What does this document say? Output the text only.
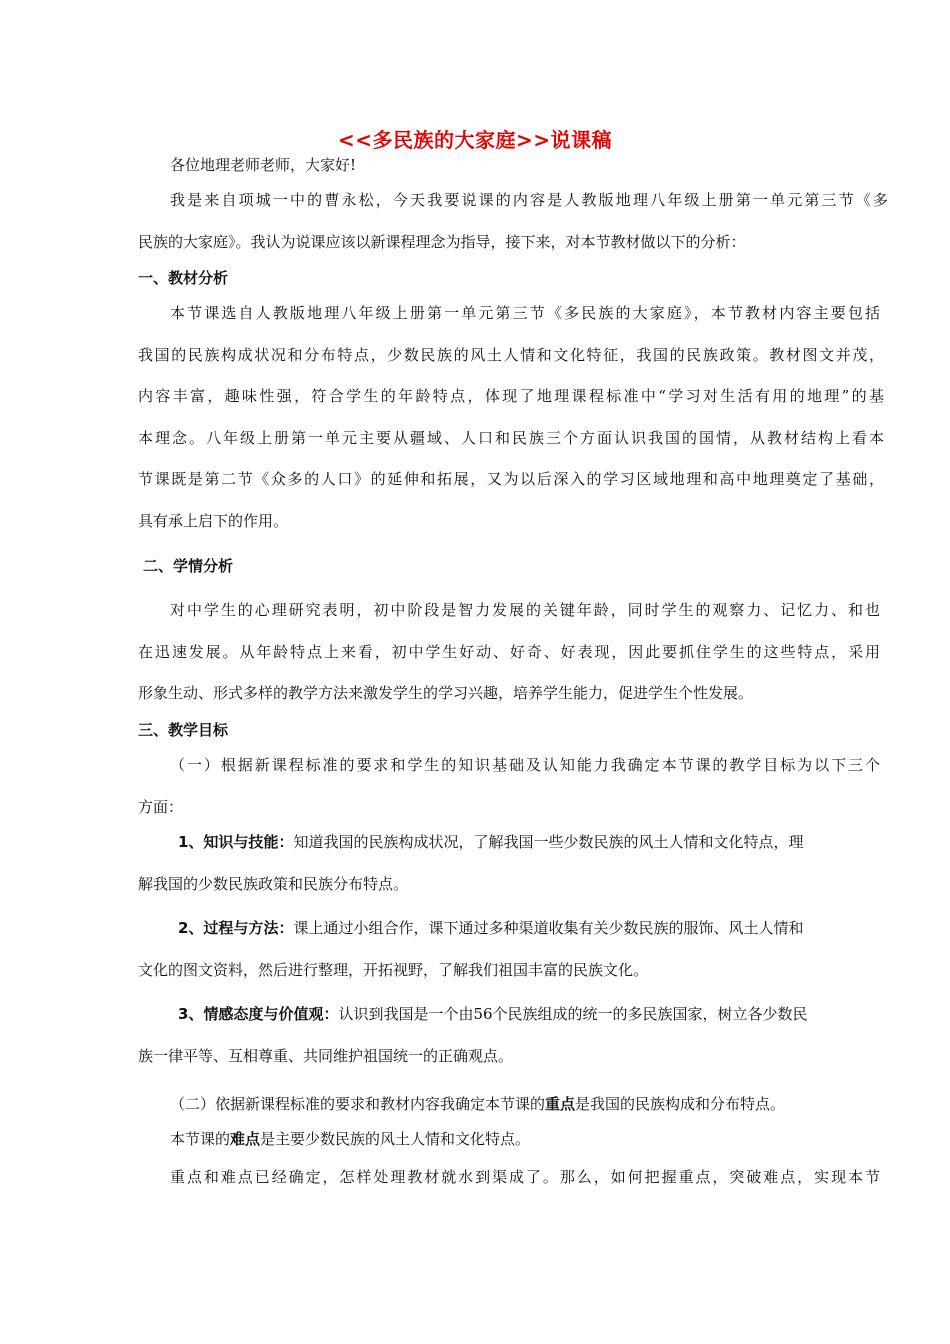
<<多民族的大家庭>>说课稿
各位地理老师老师，大家好!
我是来自项城一中的曹永松，今天我要说课的内容是人教版地理八年级上册第一单元第三节《多
民族的大家庭》。我认为说课应该以新课程理念为指导，接下来，对本节教材做以下的分析：
一、教材分析
本节课选自人教版地理八年级上册第一单元第三节《多民族的大家庭》，本节教材内容主要包括
我国的民族构成状况和分布特点，少数民族的风土人情和文化特征，我国的民族政策。教材图文并茂，
内容丰富，趣味性强，符合学生的年龄特点，体现了地理课程标准中“学习对生活有用的地理”的基
本理念。八年级上册第一单元主要从疆域、人口和民族三个方面认识我国的国情，从教材结构上看本
节课既是第二节《众多的人口》的延伸和拓展，又为以后深入的学习区域地理和高中地理奠定了基础，
具有承上启下的作用。
二、学情分析
对中学生的心理研究表明，初中阶段是智力发展的关键年龄，同时学生的观察力、记忆力、和也
在迅速发展。从年龄特点上来看，初中学生好动、好奇、好表现，因此要抓住学生的这些特点，采用
形象生动、形式多样的教学方法来激发学生的学习兴趣，培养学生能力，促进学生个性发展。
三、教学目标
（一）根据新课程标准的要求和学生的知识基础及认知能力我确定本节课的教学目标为以下三个
方面：
1、知识与技能：知道我国的民族构成状况，了解我国一些少数民族的风土人情和文化特点，理
解我国的少数民族政策和民族分布特点。
2、过程与方法：课上通过小组合作，课下通过多种渠道收集有关少数民族的服饰、风土人情和
文化的图文资料，然后进行整理，开拓视野，了解我们祖国丰富的民族文化。
3、情感态度与价值观：认识到我国是一个由56个民族组成的统一的多民族国家，树立各少数民
族一律平等、互相尊重、共同维护祖国统一的正确观点。
（二）依据新课程标准的要求和教材内容我确定本节课的重点是我国的民族构成和分布特点。
本节课的难点是主要少数民族的风土人情和文化特点。
重点和难点已经确定，怎样处理教材就水到渠成了。那么，如何把握重点，突破难点，实现本节
